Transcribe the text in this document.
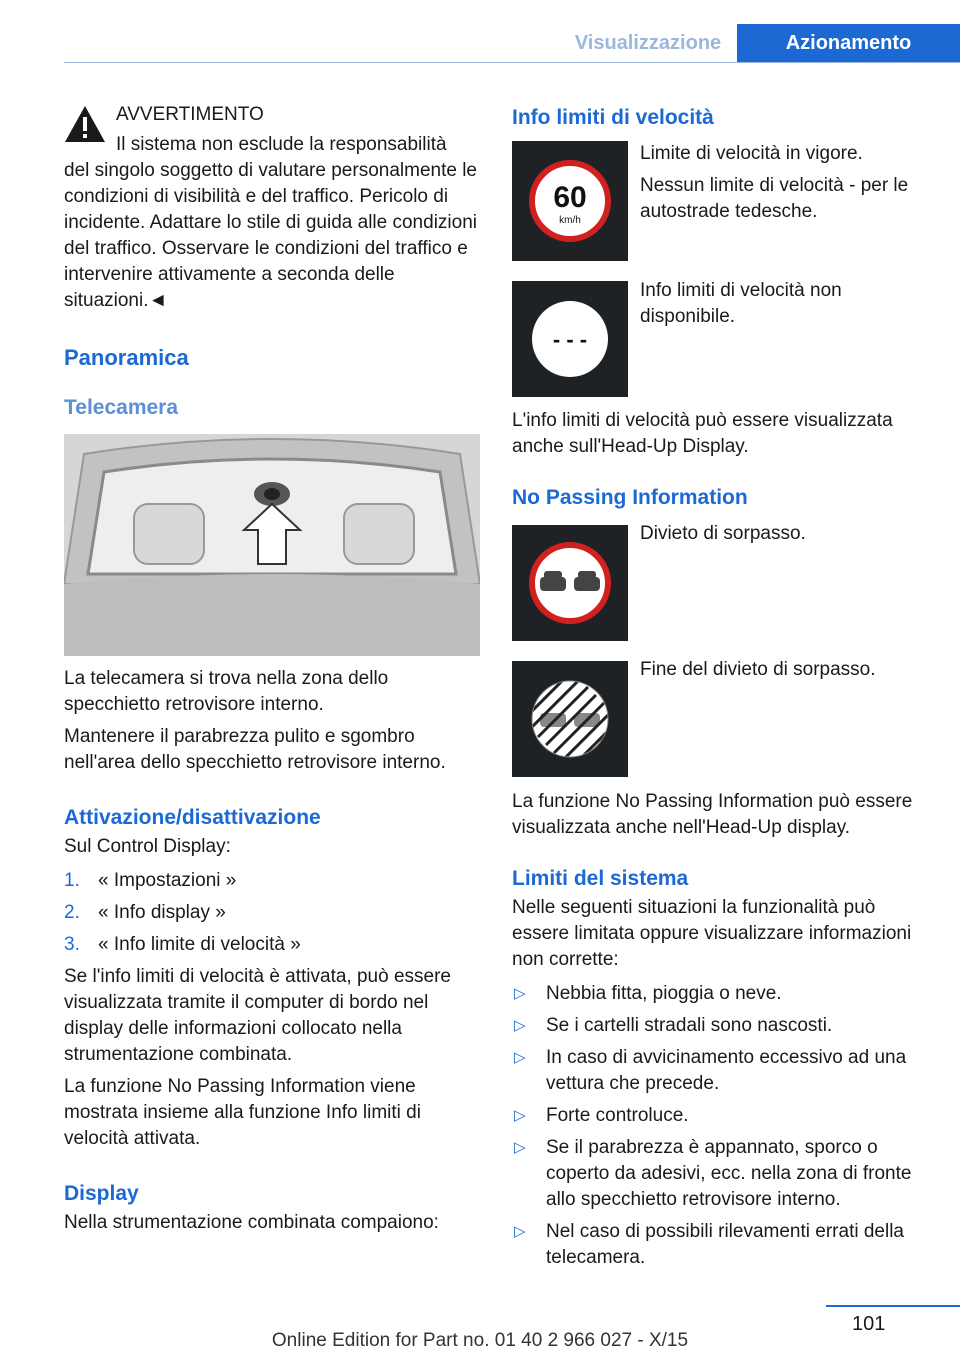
Visualizzazione	Azionamento

AVVERTIMENTO

Il sistema non esclude la responsabilità

del singolo soggetto di valutare personalmente le condizioni di visibilità e del traffico. Pericolo di incidente. Adattare lo stile di guida alle condizioni del traffico. Osservare le condizioni del traffico e intervenire attivamente a seconda delle situazioni.◄

Panoramica

Telecamera

La telecamera si trova nella zona dello specchietto retrovisore interno.

Mantenere il parabrezza pulito e sgombro nell'area dello specchietto retrovisore interno.

Attivazione/disattivazione

Sul Control Display:

1. « Impostazioni »
2. « Info display »
3. « Info limite di velocità »

Se l'info limiti di velocità è attivata, può essere visualizzata tramite il computer di bordo nel display delle informazioni collocato nella strumentazione combinata.

La funzione No Passing Information viene mostrata insieme alla funzione Info limiti di velocità attivata.

Display

Nella strumentazione combinata compaiono:

Info limiti di velocità

60
km/h

Limite di velocità in vigore.

Nessun limite di velocità - per le autostrade tedesche.

- - -
Info limiti di velocità non disponibile.

L'info limiti di velocità può essere visualizzata anche sull'Head-Up Display.

No Passing Information

Divieto di sorpasso.
Fine del divieto di sorpasso.

La funzione No Passing Information può essere visualizzata anche nell'Head-Up display.

Limiti del sistema

Nelle seguenti situazioni la funzionalità può essere limitata oppure visualizzare informazioni non corrette:

▷ Nebbia fitta, pioggia o neve.
▷ Se i cartelli stradali sono nascosti.
▷ In caso di avvicinamento eccessivo ad una vettura che precede.
▷ Forte controluce.
▷ Se il parabrezza è appannato, sporco o coperto da adesivi, ecc. nella zona di fronte allo specchietto retrovisore interno.
▷ Nel caso di possibili rilevamenti errati della telecamera.
101
Online Edition for Part no. 01 40 2 966 027 - X/15
